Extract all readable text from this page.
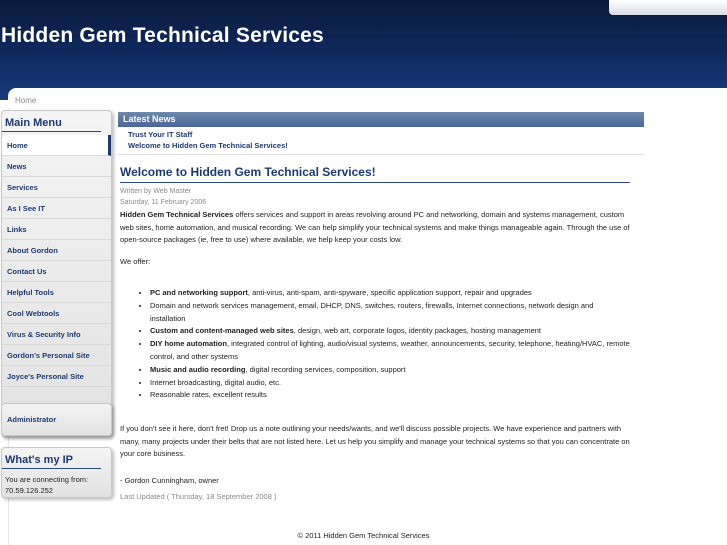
Hidden Gem Technical Services
Home
Main Menu
Home
News
Services
As I See IT
Links
About Gordon
Contact Us
Helpful Tools
Cool Webtools
Virus & Security Info
Gordon's Personal Site
Joyce's Personal Site
Administrator
What's my IP
You are connecting from:
70.59.126.252
Latest News
Trust Your IT Staff
Welcome to Hidden Gem Technical Services!
Welcome to Hidden Gem Technical Services!
Written by Web Master
Saturday, 11 February 2006

Hidden Gem Technical Services offers services and support in areas revolving around PC and networking, domain and systems management, custom web sites, home automation, and musical recording. We can help simplify your technical systems and make things manageable again. Through the use of open-source packages (ie, free to use) where available, we help keep your costs low.

We offer:

• PC and networking support, anti-virus, anti-spam, anti-spyware, specific application support, repair and upgrades
• Domain and network services management, email, DHCP, DNS, switches, routers, firewalls, Internet connections, network design and installation
• Custom and content-managed web sites, design, web art, corporate logos, identity packages, hosting management
• DIY home automation, integrated control of lighting, audio/visual systems, weather, announcements, security, telephone, heating/HVAC, remote control, and other systems
• Music and audio recording, digital recording services, composition, support
• Internet broadcasting, digital audio, etc.
• Reasonable rates, excellent results

If you don't see it here, don't fret! Drop us a note outlining your needs/wants, and we'll discuss possible projects. We have experience and partners with many, many projects under their belts that are not listed here. Let us help you simplify and manage your technical systems so that you can concentrate on your core business.

- Gordon Cunningham, owner

Last Updated ( Thursday, 18 September 2008 )
© 2011 Hidden Gem Technical Services
